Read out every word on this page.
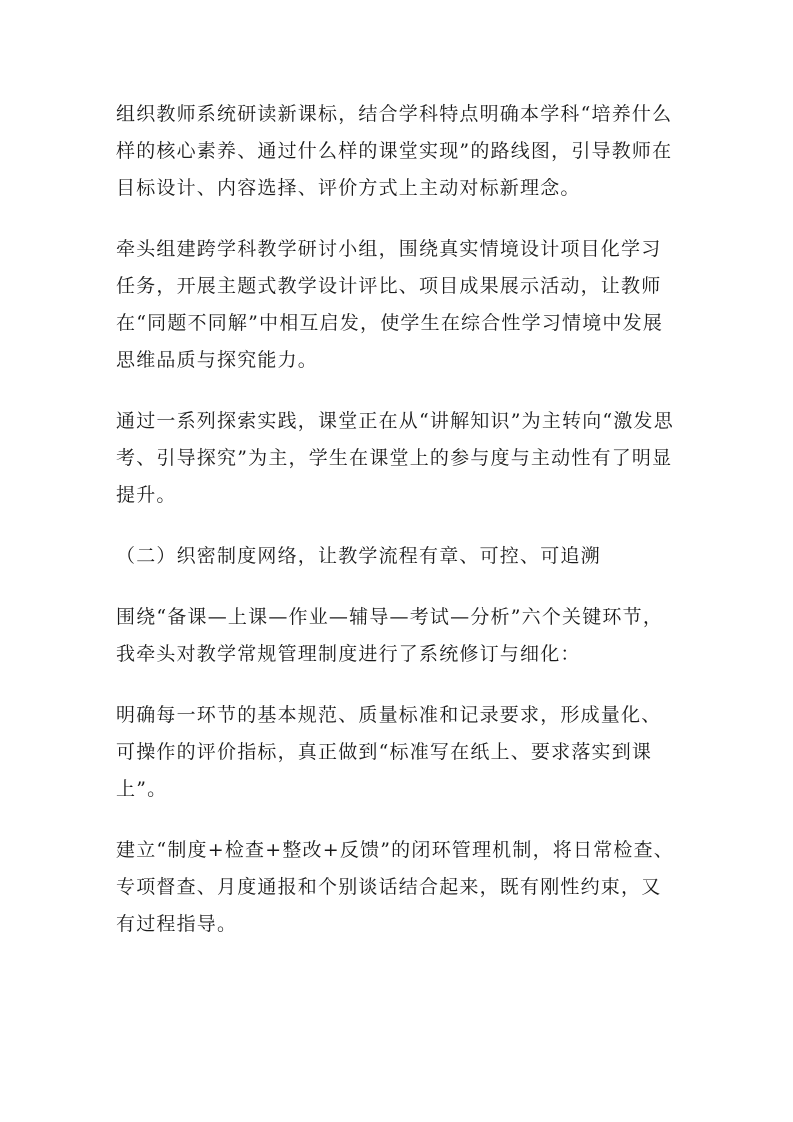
组织教师系统研读新课标，结合学科特点明确本学科“培养什么样的核心素养、通过什么样的课堂实现”的路线图，引导教师在目标设计、内容选择、评价方式上主动对标新理念。

牵头组建跨学科教学研讨小组，围绕真实情境设计项目化学习任务，开展主题式教学设计评比、项目成果展示活动，让教师在“同题不同解”中相互启发，使学生在综合性学习情境中发展思维品质与探究能力。

通过一系列探索实践，课堂正在从“讲解知识”为主转向“激发思考、引导探究”为主，学生在课堂上的参与度与主动性有了明显提升。

（二）织密制度网络，让教学流程有章、可控、可追溯

围绕“备课—上课—作业—辅导—考试—分析”六个关键环节，我牵头对教学常规管理制度进行了系统修订与细化：

明确每一环节的基本规范、质量标准和记录要求，形成量化、可操作的评价指标，真正做到“标准写在纸上、要求落实到课上”。

建立“制度+检查+整改+反馈”的闭环管理机制，将日常检查、专项督查、月度通报和个别谈话结合起来，既有刚性约束，又有过程指导。
